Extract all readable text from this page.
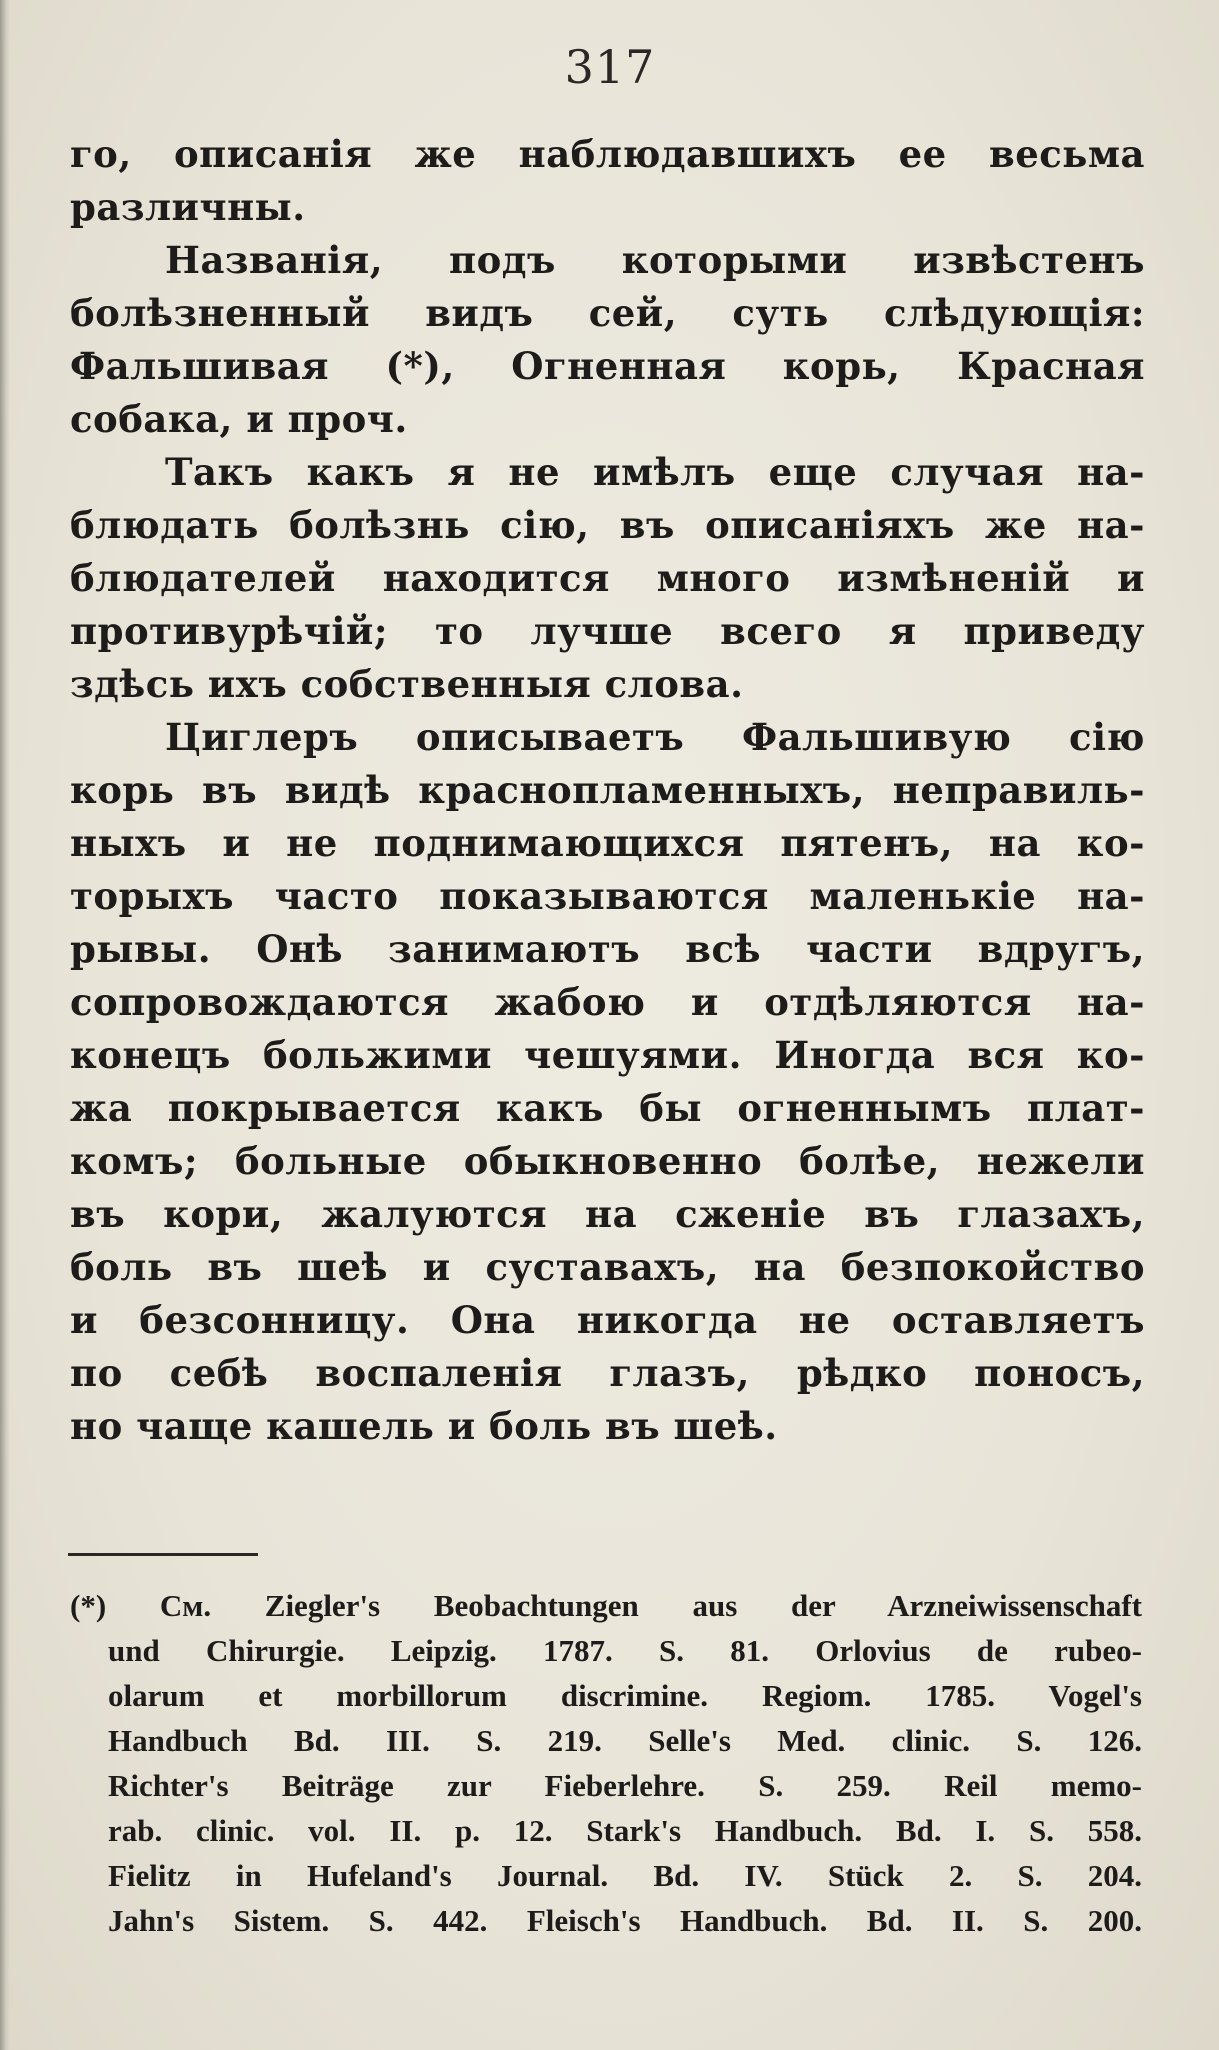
317
го, описанія же наблюдавшихъ ее весьма
различны.
Названія, подъ которыми извѣстенъ
болѣзненный видъ сей, суть слѣдующія:
Фальшивая (*), Огненная корь, Красная
собака, и проч.
Такъ какъ я не имѣлъ еще случая на-
блюдать болѣзнь сію, въ описаніяхъ же на-
блюдателей находится много измѣненій и
противурѣчій; то лучше всего я приведу
здѣсь ихъ собственныя слова.
Циглеръ описываетъ Фальшивую сію
корь въ видѣ краснопламенныхъ, неправиль-
ныхъ и не поднимающихся пятенъ, на ко-
торыхъ часто показываются маленькіе на-
рывы. Онѣ занимаютъ всѣ части вдругъ,
сопровождаются жабою и отдѣляются на-
конецъ больжими чешуями. Иногда вся ко-
жа покрывается какъ бы огненнымъ плат-
комъ; больные обыкновенно болѣе, нежели
въ кори, жалуются на сженіе въ глазахъ,
боль въ шеѣ и суставахъ, на безпокойство
и безсонницу. Она никогда не оставляетъ
по себѣ воспаленія глазъ, рѣдко поносъ,
но чаще кашель и боль въ шеѣ.
(*) См. Ziegler's Beobachtungen aus der Arzneiwissenschaft
und Chirurgie. Leipzig. 1787. S. 81. Orlovius de rubeo-
olarum et morbillorum discrimine. Regiom. 1785. Vogel's
Handbuch Bd. III. S. 219. Selle's Med. clinic. S. 126.
Richter's Beiträge zur Fieberlehre. S. 259. Reil memo-
rab. clinic. vol. II. p. 12. Stark's Handbuch. Bd. I. S. 558.
Fielitz in Hufeland's Journal. Bd. IV. Stück 2. S. 204.
Jahn's Sistem. S. 442. Fleisch's Handbuch. Bd. II. S. 200.
